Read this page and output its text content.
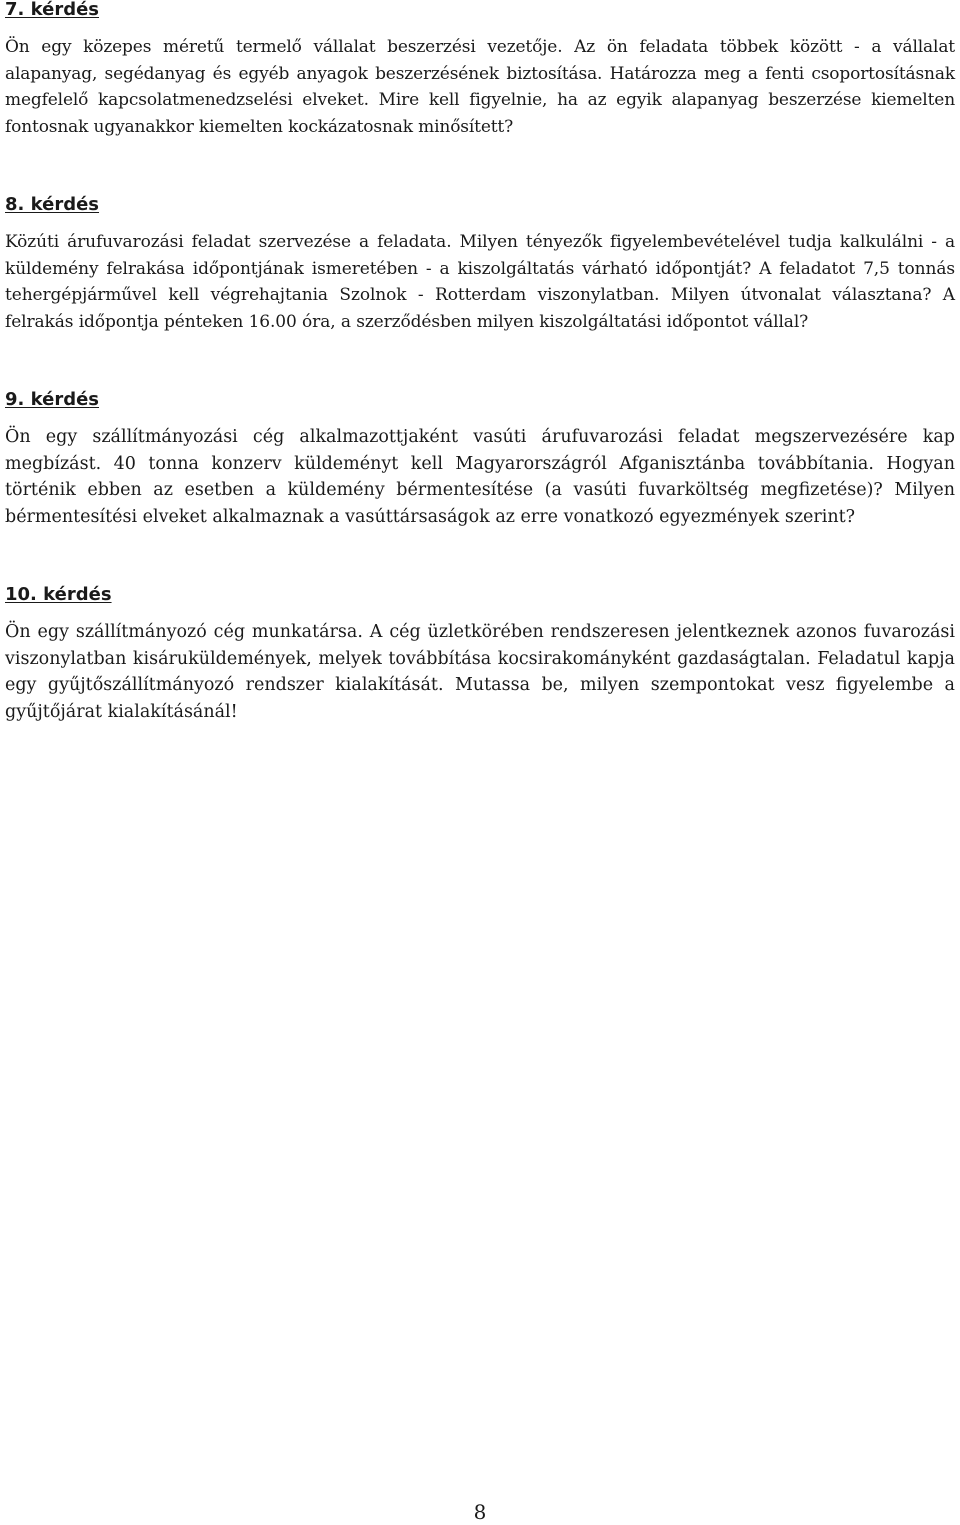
7. kérdés

Ön egy közepes méretű termelő vállalat beszerzési vezetője. Az ön feladata többek között - a vállalat alapanyag, segédanyag és egyéb anyagok beszerzésének biztosítása. Határozza meg a fenti csoportosításnak megfelelő kapcsolatmenedzselési elveket. Mire kell figyelnie, ha az egyik alapanyag beszerzése kiemelten fontosnak ugyanakkor kiemelten kockázatosnak minősített?

8. kérdés

Közúti árufuvarozási feladat szervezése a feladata. Milyen tényezők figyelembevételével tudja kalkulálni - a küldemény felrakása időpontjának ismeretében - a kiszolgáltatás várható időpontját? A feladatot 7,5 tonnás tehergépjárművel kell végrehajtania Szolnok - Rotterdam viszonylatban. Milyen útvonalat választana? A felrakás időpontja pénteken 16.00 óra, a szerződésben milyen kiszolgáltatási időpontot vállal?

9. kérdés

Ön egy szállítmányozási cég alkalmazottjaként vasúti árufuvarozási feladat megszervezésére kap megbízást. 40 tonna konzerv küldeményt kell Magyarországról Afganisztánba továbbítania. Hogyan történik ebben az esetben a küldemény bérmentesítése (a vasúti fuvarköltség megfizetése)? Milyen bérmentesítési elveket alkalmaznak a vasúttársaságok az erre vonatkozó egyezmények szerint?

10. kérdés

Ön egy szállítmányozó cég munkatársa. A cég üzletkörében rendszeresen jelentkeznek azonos fuvarozási viszonylatban kisáruküldemények, melyek továbbítása kocsirakományként gazdaságtalan. Feladatul kapja egy gyűjtőszállítmányozó rendszer kialakítását. Mutassa be, milyen szempontokat vesz figyelembe a gyűjtőjárat kialakításánál!

8
